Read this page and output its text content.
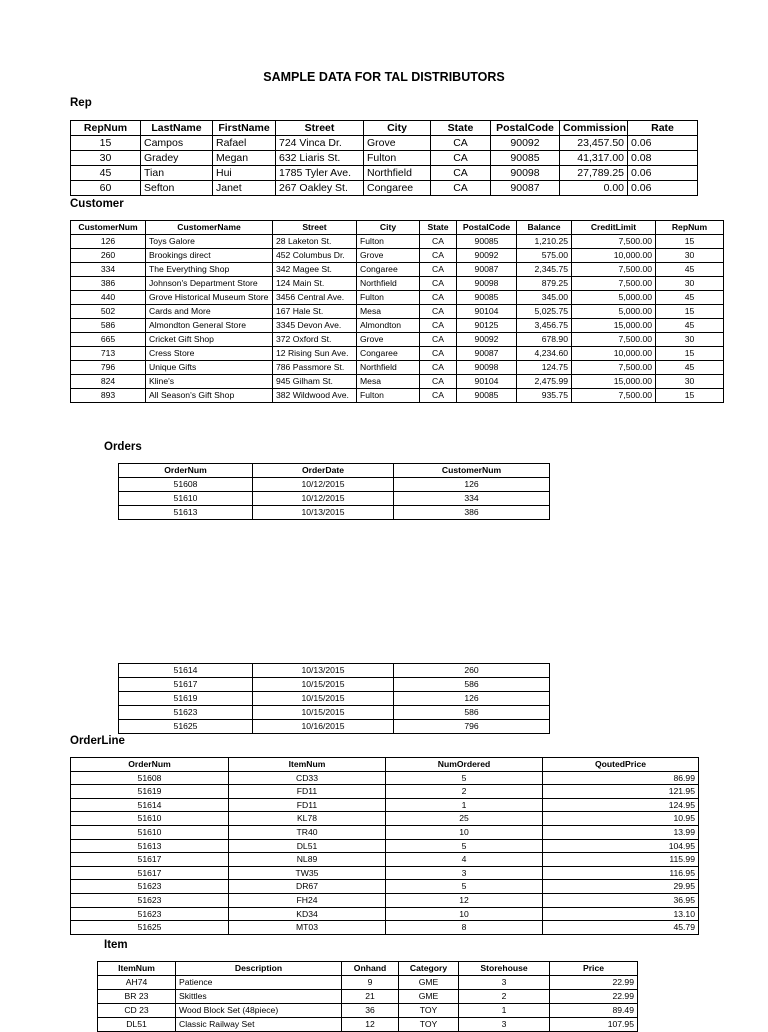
SAMPLE DATA FOR TAL DISTRIBUTORS
Rep
RepNum	LastName	FirstName	Street	City	State	PostalCode	Commission	Rate
15	Campos	Rafael	724 Vinca Dr.	Grove	CA	90092	23,457.50	0.06
30	Gradey	Megan	632 Liaris St.	Fulton	CA	90085	41,317.00	0.08
45	Tian	Hui	1785 Tyler Ave.	Northfield	CA	90098	27,789.25	0.06
60	Sefton	Janet	267 Oakley St.	Congaree	CA	90087	0.00	0.06
Customer
CustomerNum	CustomerName	Street	City	State	PostalCode	Balance	CreditLimit	RepNum
126	Toys Galore	28 Laketon St.	Fulton	CA	90085	1,210.25	7,500.00	15
260	Brookings direct	452 Columbus Dr.	Grove	CA	90092	575.00	10,000.00	30
334	The Everything Shop	342 Magee St.	Congaree	CA	90087	2,345.75	7,500.00	45
386	Johnson's Department Store	124 Main St.	Northfield	CA	90098	879.25	7,500.00	30
440	Grove Historical Museum Store	3456 Central Ave.	Fulton	CA	90085	345.00	5,000.00	45
502	Cards and More	167 Hale St.	Mesa	CA	90104	5,025.75	5,000.00	15
586	Almondton General Store	3345 Devon Ave.	Almondton	CA	90125	3,456.75	15,000.00	45
665	Cricket Gift Shop	372 Oxford St.	Grove	CA	90092	678.90	7,500.00	30
713	Cress Store	12 Rising Sun Ave.	Congaree	CA	90087	4,234.60	10,000.00	15
796	Unique Gifts	786 Passmore St.	Northfield	CA	90098	124.75	7,500.00	45
824	Kline's	945 Gilham St.	Mesa	CA	90104	2,475.99	15,000.00	30
893	All Season's Gift Shop	382 Wildwood Ave.	Fulton	CA	90085	935.75	7,500.00	15
Orders
OrderNum	OrderDate	CustomerNum
51608	10/12/2015	126
51610	10/12/2015	334
51613	10/13/2015	386
51614	10/13/2015	260
51617	10/15/2015	586
51619	10/15/2015	126
51623	10/15/2015	586
51625	10/16/2015	796
OrderLine
OrderNum	ItemNum	NumOrdered	QoutedPrice
51608	CD33	5	86.99
51619	FD11	2	121.95
51614	FD11	1	124.95
51610	KL78	25	10.95
51610	TR40	10	13.99
51613	DL51	5	104.95
51617	NL89	4	115.99
51617	TW35	3	116.95
51623	DR67	5	29.95
51623	FH24	12	36.95
51623	KD34	10	13.10
51625	MT03	8	45.79
Item
ItemNum	Description	Onhand	Category	Storehouse	Price
AH74	Patience	9	GME	3	22.99
BR 23	Skittles	21	GME	2	22.99
CD 23	Wood Block Set (48piece)	36	TOY	1	89.49
DL51	Classic Railway Set	12	TOY	3	107.95
